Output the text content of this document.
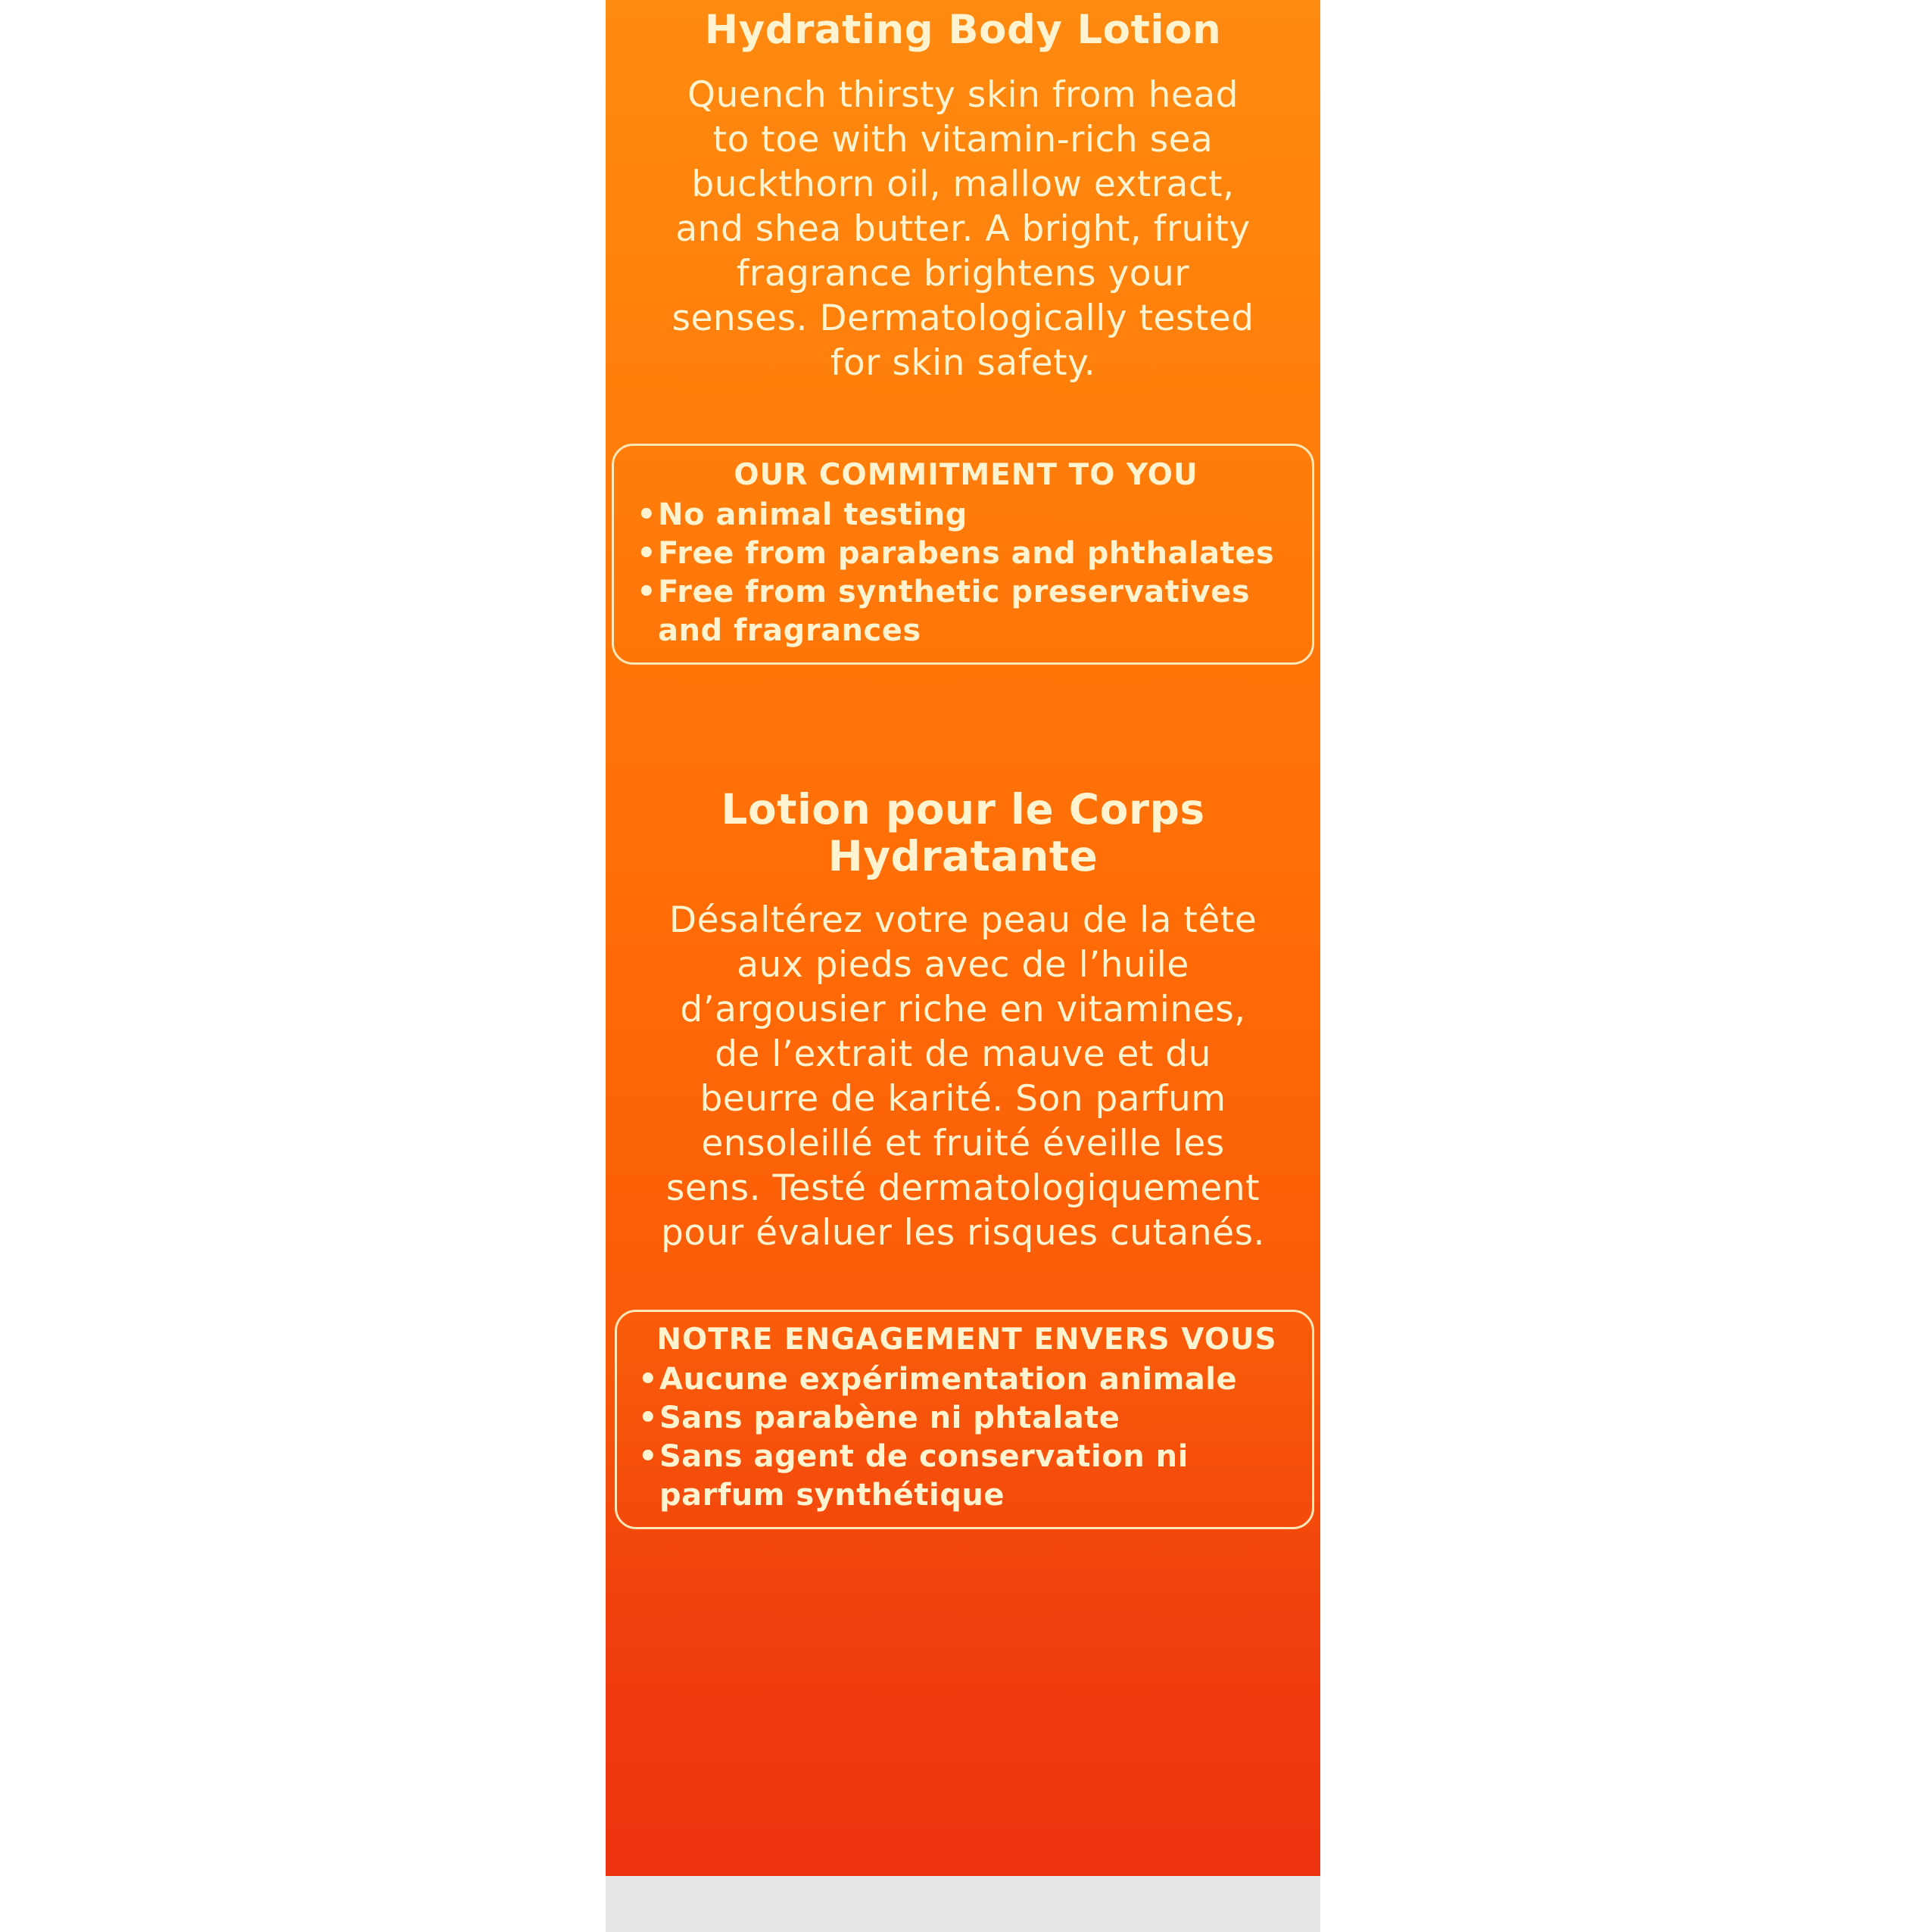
Hydrating Body Lotion
Quench thirsty skin from head
to toe with vitamin-rich sea
buckthorn oil, mallow extract,
and shea butter. A bright, fruity
fragrance brightens your
senses. Dermatologically tested
for skin safety.
OUR COMMITMENT TO YOU
• No animal testing
• Free from parabens and phthalates
• Free from synthetic preservatives
and fragrances
Lotion pour le Corps
Hydratante
Désaltérez votre peau de la tête
aux pieds avec de l’huile
d’argousier riche en vitamines,
de l’extrait de mauve et du
beurre de karité. Son parfum
ensoleillé et fruité éveille les
sens. Testé dermatologiquement
pour évaluer les risques cutanés.
NOTRE ENGAGEMENT ENVERS VOUS
• Aucune expérimentation animale
• Sans parabène ni phtalate
• Sans agent de conservation ni
parfum synthétique
